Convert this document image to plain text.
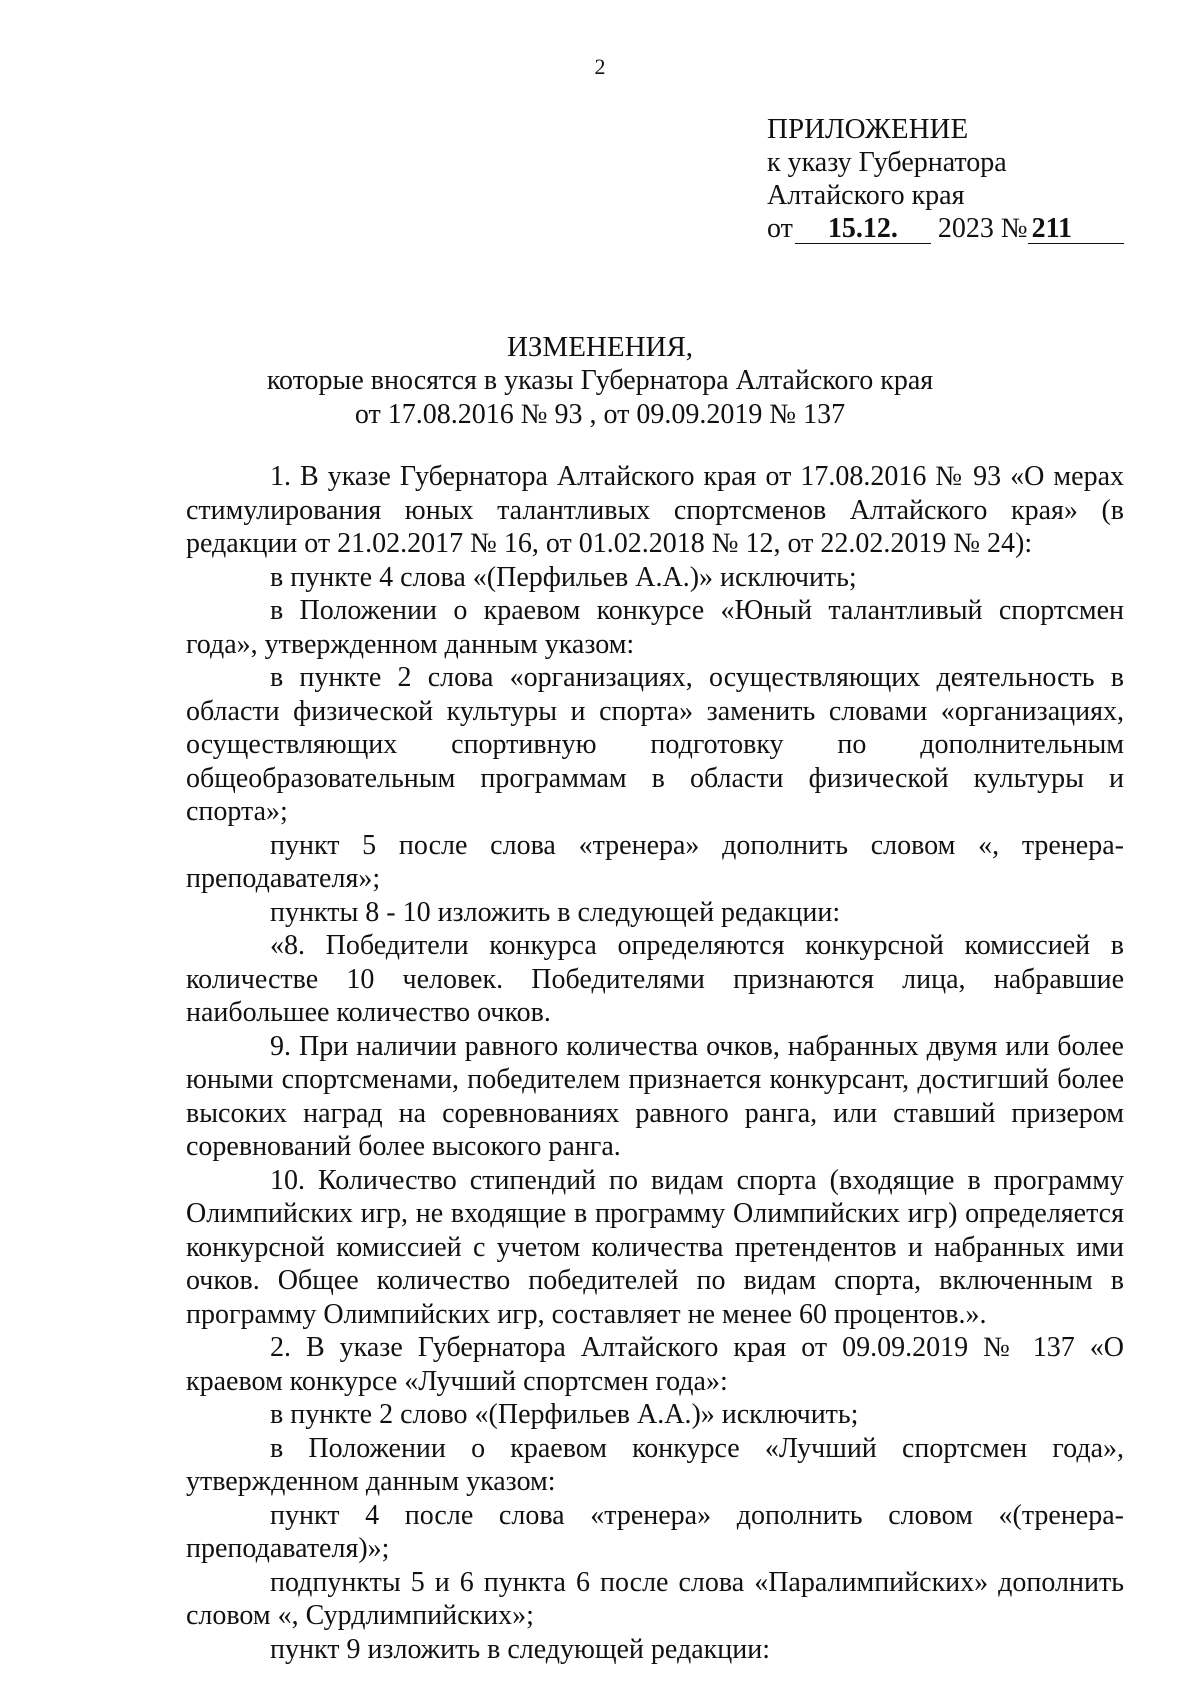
2
ПРИЛОЖЕНИЕ
к указу Губернатора
Алтайского края
от 15.12. 2023 № 211
ИЗМЕНЕНИЯ,
которые вносятся в указы Губернатора Алтайского края
от 17.08.2016 № 93 , от 09.09.2019 № 137

1. В указе Губернатора Алтайского края от 17.08.2016 № 93 «О мерах стимулирования юных талантливых спортсменов Алтайского края» (в редакции от 21.02.2017 № 16, от 01.02.2018 № 12, от 22.02.2019 № 24):

в пункте 4 слова «(Перфильев А.А.)» исключить;

в Положении о краевом конкурсе «Юный талантливый спортсмен года», утвержденном данным указом:

в пункте 2 слова «организациях, осуществляющих деятельность в области физической культуры и спорта» заменить словами «организациях, осуществляющих спортивную подготовку по дополнительным общеобразовательным программам в области физической культуры и спорта»;

пункт 5 после слова «тренера» дополнить словом «, тренера-преподавателя»;

пункты 8 - 10 изложить в следующей редакции:

«8. Победители конкурса определяются конкурсной комиссией в количестве 10 человек. Победителями признаются лица, набравшие наибольшее количество очков.

9. При наличии равного количества очков, набранных двумя или более юными спортсменами, победителем признается конкурсант, достигший более высоких наград на соревнованиях равного ранга, или ставший призером соревнований более высокого ранга.

10. Количество стипендий по видам спорта (входящие в программу Олимпийских игр, не входящие в программу Олимпийских игр) определяется конкурсной комиссией с учетом количества претендентов и набранных ими очков. Общее количество победителей по видам спорта, включенным в программу Олимпийских игр, составляет не менее 60 процентов.».

2. В указе Губернатора Алтайского края от 09.09.2019 № 137 «О краевом конкурсе «Лучший спортсмен года»:

в пункте 2 слово «(Перфильев А.А.)» исключить;

в Положении о краевом конкурсе «Лучший спортсмен года», утвержденном данным указом:

пункт 4 после слова «тренера» дополнить словом «(тренера-преподавателя)»;

подпункты 5 и 6 пункта 6 после слова «Паралимпийских» дополнить словом «, Сурдлимпийских»;

пункт 9 изложить в следующей редакции:
